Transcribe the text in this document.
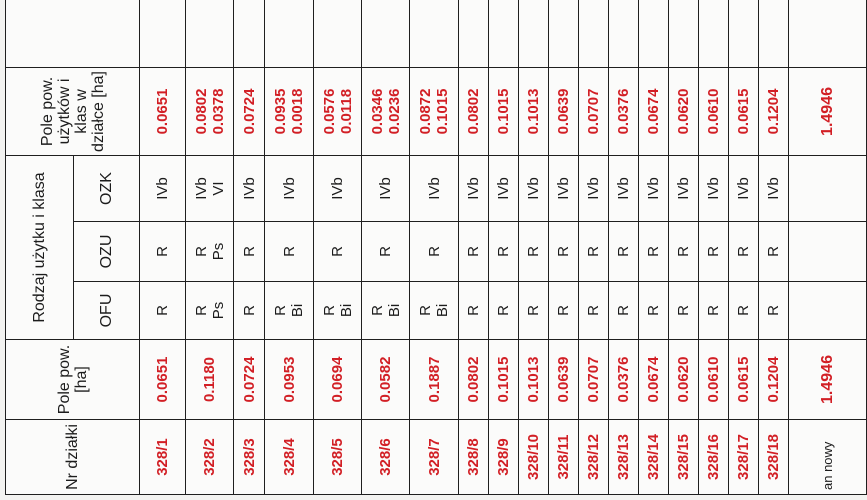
Nr działki	Pole pow. [ha]	Rodzaj użytku i klasa			Pole pow. użytków i klas w działce [ha]	
		OFU	OZU	OZK		
328/1	0.0651	R	R	IVb	0.0651	

328/2	0.1180	R Ps	R Ps	IVb VI	0.0802 0.0378	

328/3	0.0724	R	R	IVb	0.0724	

328/4	0.0953	R Bi	R	IVb	0.0935 0.0018	

328/5	0.0694	R Bi	R	IVb	0.0576 0.0118	

328/6	0.0582	R Bi	R	IVb	0.0346 0.0236	

328/7	0.1887	R Bi	R	IVb	0.0872 0.1015	

328/8	0.0802	R	R	IVb	0.0802	

328/9	0.1015	R	R	IVb	0.1015	

328/10	0.1013	R	R	IVb	0.1013	

328/11	0.0639	R	R	IVb	0.0639	

328/12	0.0707	R	R	IVb	0.0707	

328/13	0.0376	R	R	IVb	0.0376	

328/14	0.0674	R	R	IVb	0.0674	

328/15	0.0620	R	R	IVb	0.0620	

328/16	0.0610	R	R	IVb	0.0610	

328/17	0.0615	R	R	IVb	0.0615	

328/18	0.1204	R	R	IVb	0.1204	

an nowy	1.4946				1.4946	
